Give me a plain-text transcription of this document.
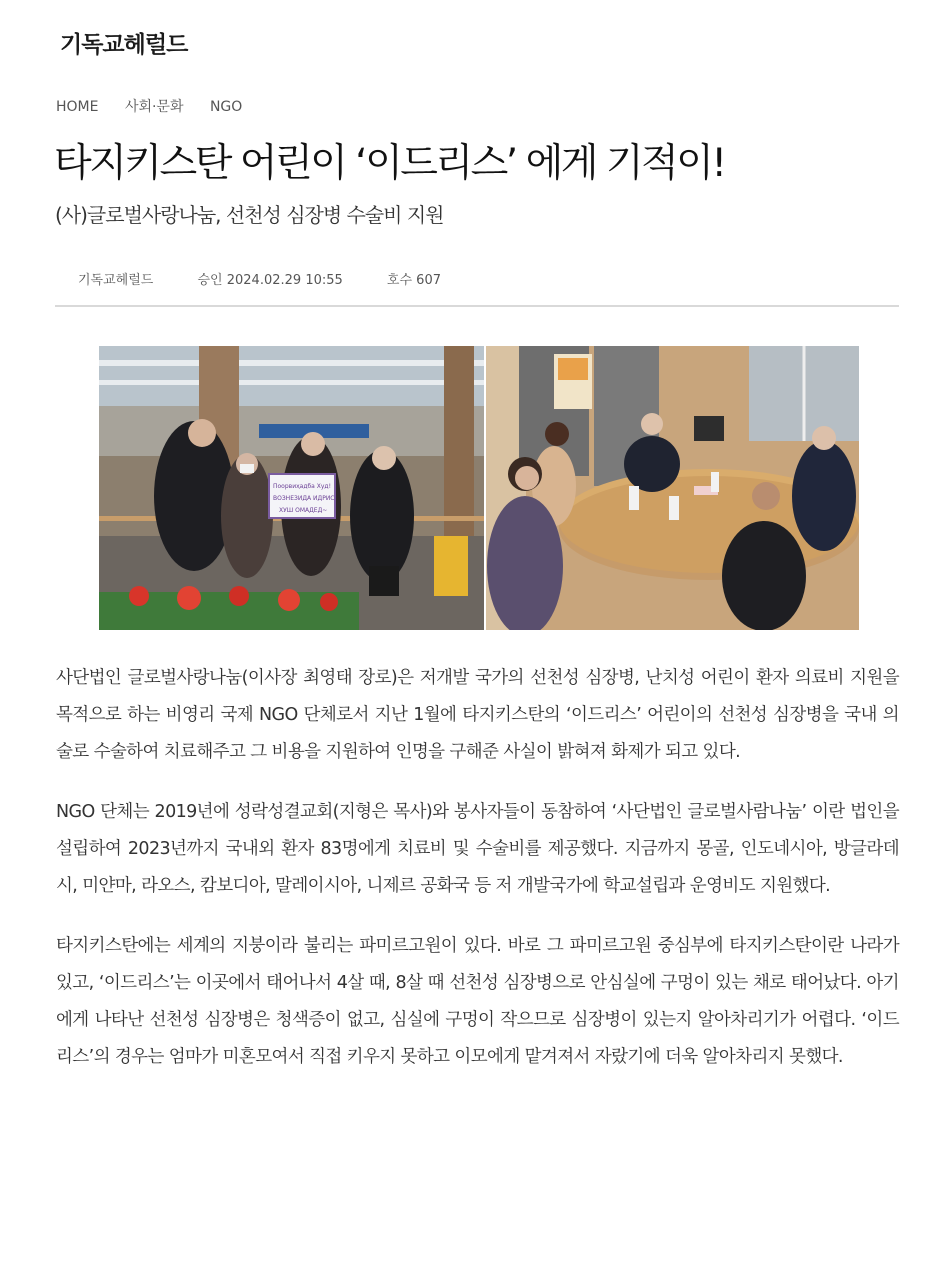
기독교헤럴드
HOME 사회·문화 NGO
타지키스탄 어린이 ‘이드리스’ 에게 기적이!
(사)글로벌사랑나눔, 선천성 심장병 수술비 지원
기독교헤럴드	승인 2024.02.29 10:55	호수 607
Поорвиҳадба Худ!
ВОЗНЕЗИДА ИДРИС
ХУШ ОМАДЕД~

사단법인 글로벌사랑나눔(이사장 최영태 장로)은 저개발 국가의 선천성 심장병, 난치성 어린이 환자 의료비 지원을 목적으로 하는 비영리 국제 NGO 단체로서 지난 1월에 타지키스탄의 ‘이드리스’ 어린이의 선천성 심장병을 국내 의술로 수술하여 치료해주고 그 비용을 지원하여 인명을 구해준 사실이 밝혀져 화제가 되고 있다.

NGO 단체는 2019년에 성락성결교회(지형은 목사)와 봉사자들이 동참하여 ‘사단법인 글로벌사람나눔’ 이란 법인을 설립하여 2023년까지 국내외 환자 83명에게 치료비 및 수술비를 제공했다. 지금까지 몽골, 인도네시아, 방글라데시, 미얀마, 라오스, 캄보디아, 말레이시아, 니제르 공화국 등 저 개발국가에 학교설립과 운영비도 지원했다.

타지키스탄에는 세계의 지붕이라 불리는 파미르고원이 있다. 바로 그 파미르고원 중심부에 타지키스탄이란 나라가 있고, ‘이드리스’는 이곳에서 태어나서 4살 때, 8살 때 선천성 심장병으로 안심실에 구멍이 있는 채로 태어났다. 아기에게 나타난 선천성 심장병은 청색증이 없고, 심실에 구멍이 작으므로 심장병이 있는지 알아차리기가 어렵다. ‘이드리스’의 경우는 엄마가 미혼모여서 직접 키우지 못하고 이모에게 맡겨져서 자랐기에 더욱 알아차리지 못했다.
